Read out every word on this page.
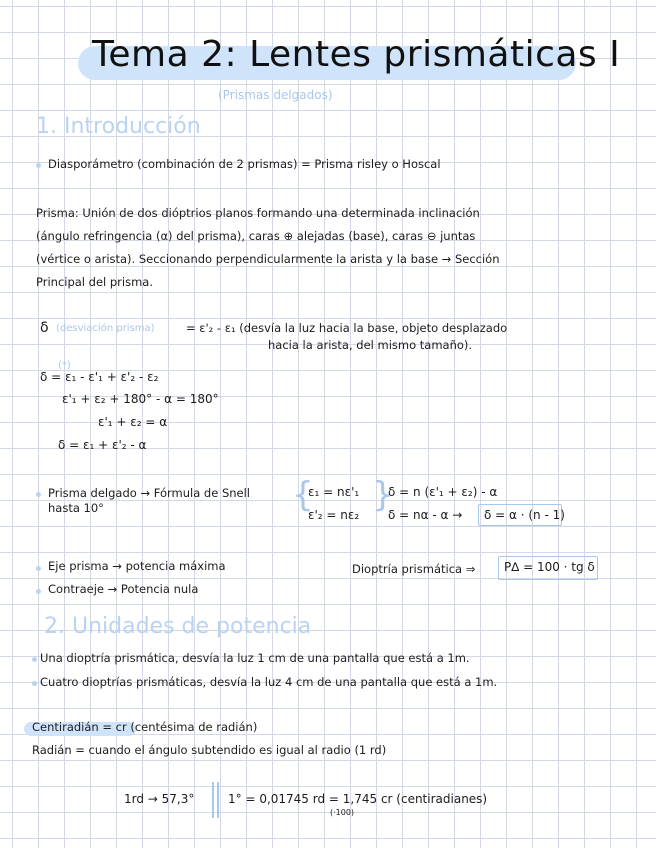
Tema 2: Lentes prismáticas I
(Prismas delgados)
1. Introducción
Diasporámetro (combinación de 2 prismas) = Prisma risley o Hoscal
Prisma: Unión de dos dióptrios planos formando una determinada inclinación
(ángulo refringencia (α) del prisma), caras ⊕ alejadas (base), caras ⊖ juntas
(vértice o arista). Seccionando perpendicularmente la arista y la base → Sección
Principal del prisma.
δ (desviación prisma)	= ε'₂ - ε₁ (desvía la luz hacia la base, objeto desplazado
hacia la arista, del mismo tamaño).
(*)
δ = ε₁ - ε'₁ + ε'₂ - ε₂
ε'₁ + ε₂ + 180° - α = 180°
ε'₁ + ε₂ = α
δ = ε₁ + ε'₂ - α
Prisma delgado → Fórmula de Snell
hasta 10°	{
ε₁ = nε'₁
ε'₂ = nε₂ }
δ = n (ε'₁ + ε₂) - α
δ = nα - α → δ = α · (n - 1)
Eje prisma → potencia máxima
Contraeje → Potencia nula
Dioptría prismática ⇒ P∆ = 100 · tg δ
2. Unidades de potencia
Una dioptría prismática, desvía la luz 1 cm de una pantalla que está a 1m.
Cuatro dioptrías prismáticas, desvía la luz 4 cm de una pantalla que está a 1m.
Centiradián = cr (centésima de radián)
Radián = cuando el ángulo subtendido es igual al radio (1 rd)
1rd → 57,3°	1° = 0,01745 rd = 1,745 cr (centiradianes)
(·100)
